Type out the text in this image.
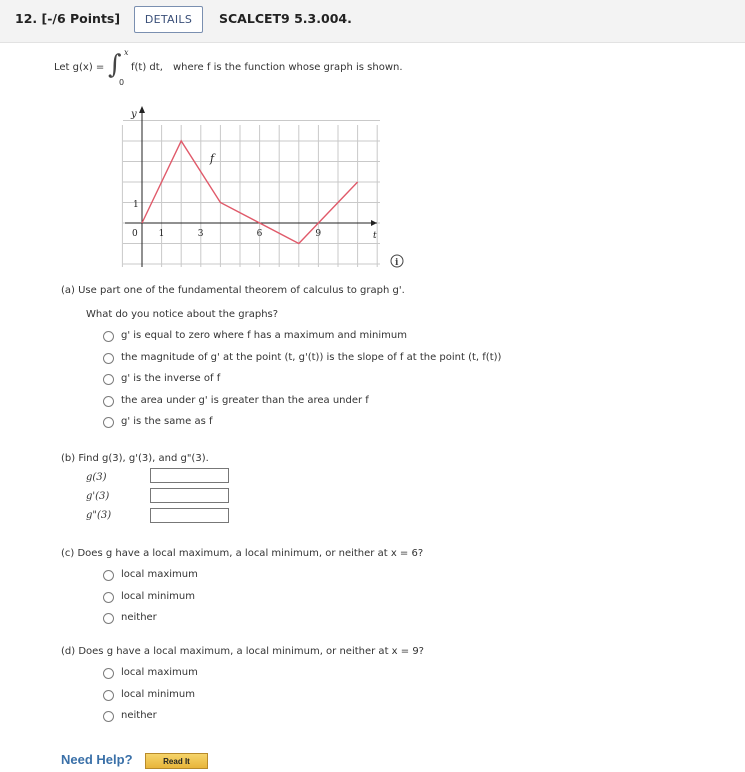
12. [-/6 Points]	DETAILS	SCALCET9 5.3.004.
Let g(x) = ∫ x
0
f(t) dt, where f is the function whose graph is shown.
y
t
f
1
0 1	3	6	9
i
(a) Use part one of the fundamental theorem of calculus to graph g'.
What do you notice about the graphs?
g' is equal to zero where f has a maximum and minimum
the magnitude of g' at the point (t, g'(t)) is the slope of f at the point (t, f(t))
g' is the inverse of f
the area under g' is greater than the area under f
g' is the same as f
(b) Find g(3), g'(3), and g"(3).
g(3)
g'(3)
g"(3)
(c) Does g have a local maximum, a local minimum, or neither at x = 6?
local maximum
local minimum
neither
(d) Does g have a local maximum, a local minimum, or neither at x = 9?
local maximum
local minimum
neither
Need Help?	Read It
